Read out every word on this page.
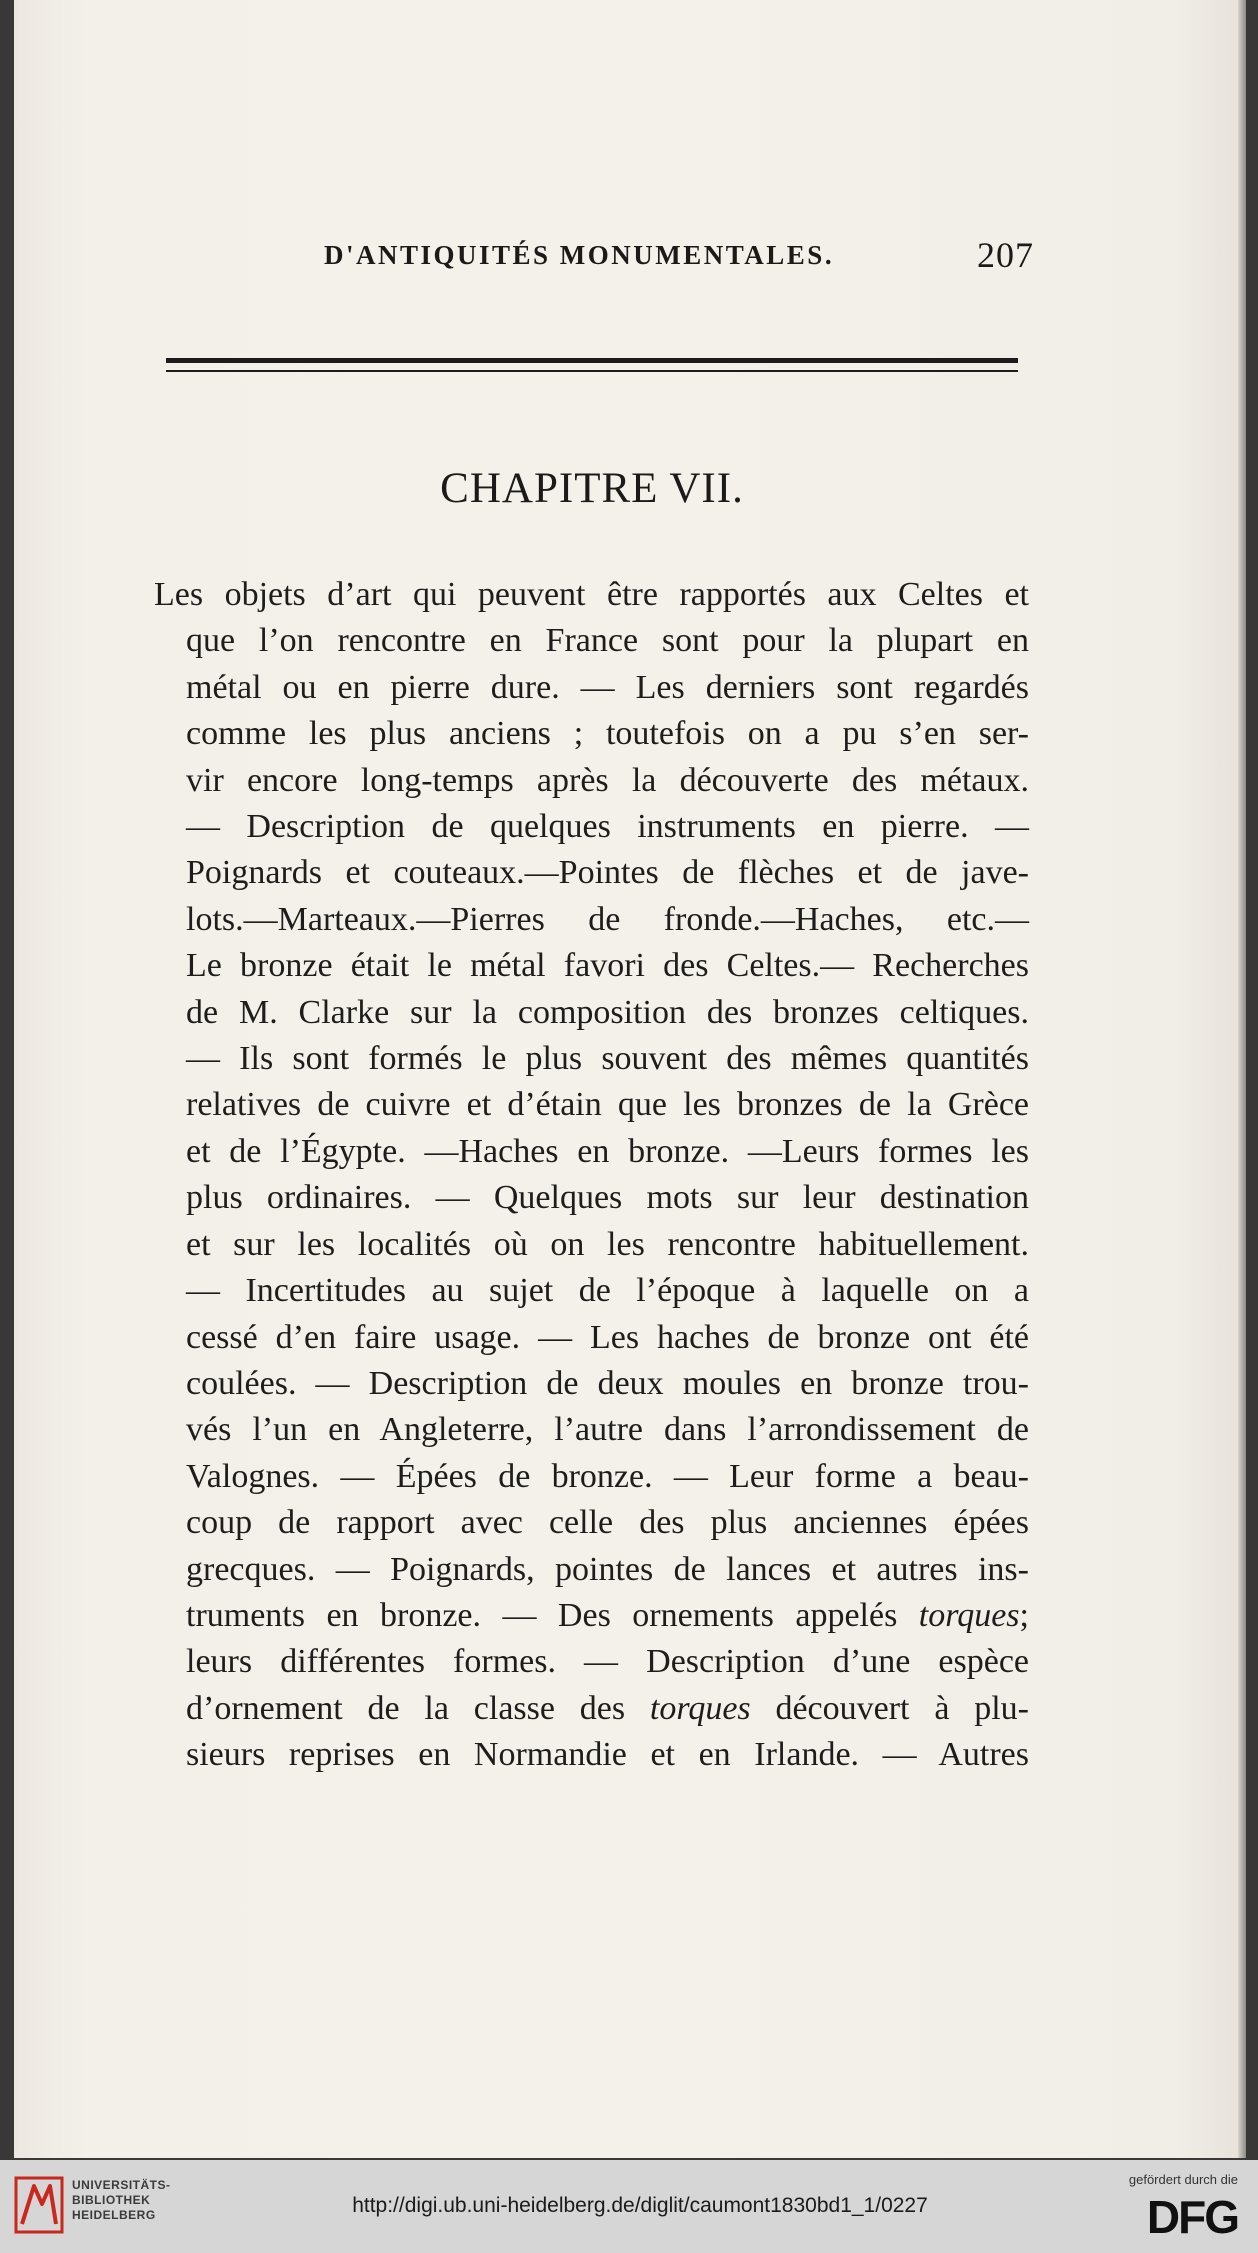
D'ANTIQUITÉS MONUMENTALES.	207
CHAPITRE VII.
Les objets d’art qui peuvent être rapportés aux Celtes et
que l’on rencontre en France sont pour la plupart en
métal ou en pierre dure. — Les derniers sont regardés
comme les plus anciens ; toutefois on a pu s’en ser-
vir encore long-temps après la découverte des métaux.
— Description de quelques instruments en pierre. —
Poignards et couteaux.—Pointes de flèches et de jave-
lots.—Marteaux.—Pierres de fronde.—Haches, etc.—
Le bronze était le métal favori des Celtes.— Recherches
de M. Clarke sur la composition des bronzes celtiques.
— Ils sont formés le plus souvent des mêmes quantités
relatives de cuivre et d’étain que les bronzes de la Grèce
et de l’Égypte. —Haches en bronze. —Leurs formes les
plus ordinaires. — Quelques mots sur leur destination
et sur les localités où on les rencontre habituellement.
— Incertitudes au sujet de l’époque à laquelle on a
cessé d’en faire usage. — Les haches de bronze ont été
coulées. — Description de deux moules en bronze trou-
vés l’un en Angleterre, l’autre dans l’arrondissement de
Valognes. — Épées de bronze. — Leur forme a beau-
coup de rapport avec celle des plus anciennes épées
grecques. — Poignards, pointes de lances et autres ins-
truments en bronze. — Des ornements appelés torques;
leurs différentes formes. — Description d’une espèce
d’ornement de la classe des torques découvert à plu-
sieurs reprises en Normandie et en Irlande. — Autres
UNIVERSITÄTS-
BIBLIOTHEK
HEIDELBERG	http://digi.ub.uni-heidelberg.de/diglit/caumont1830bd1_1/0227
gefördert durch die
DFG
